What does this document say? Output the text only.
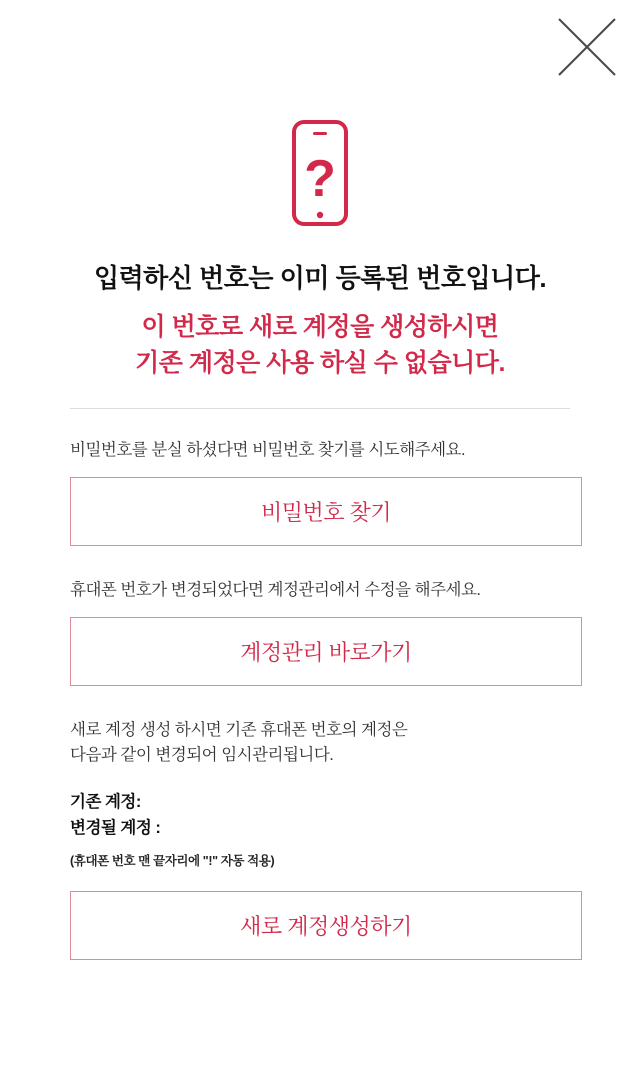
?

입력하신 번호는 이미 등록된 번호입니다.

이 번호로 새로 계정을 생성하시면
기존 계정은 사용 하실 수 없습니다.

비밀번호를 분실 하셨다면 비밀번호 찾기를 시도해주세요.

비밀번호 찾기

휴대폰 번호가 변경되었다면 계정관리에서 수정을 해주세요.

계정관리 바로가기

새로 계정 생성 하시면 기존 휴대폰 번호의 계정은
다음과 같이 변경되어 임시관리됩니다.

기존 계정:

변경될 계정 :

(휴대폰 번호 맨 끝자리에 "!" 자동 적용)

새로 계정생성하기
